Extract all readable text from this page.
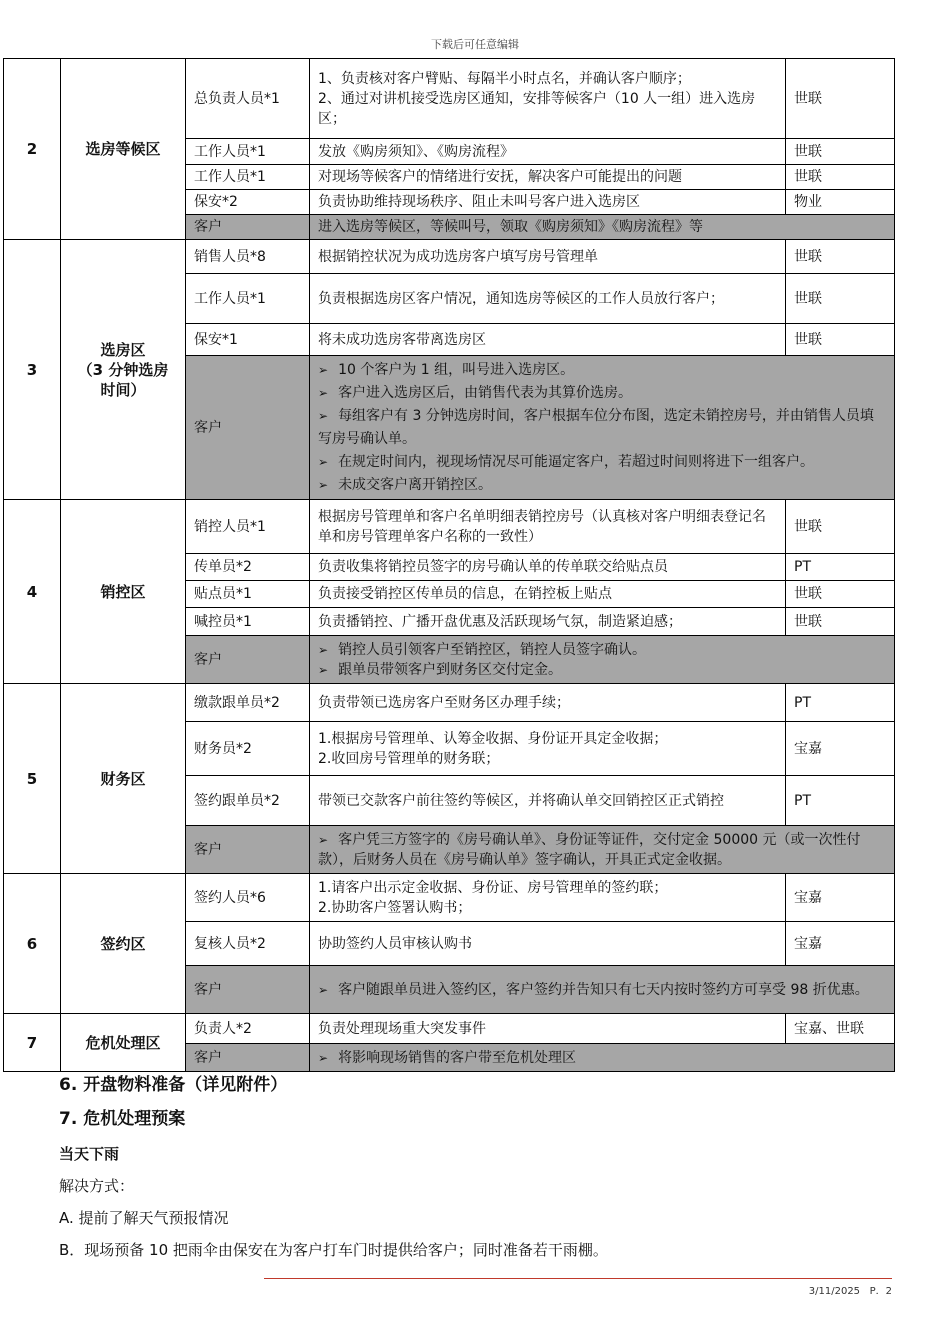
下载后可任意编辑
2	选房等候区	总负责人员*1	1、负责核对客户臂贴、每隔半小时点名，并确认客户顺序；
2、通过对讲机接受选房区通知，安排等候客户（10 人一组）进入选房区；	世联
		工作人员*1	发放《购房须知》、《购房流程》	世联
		工作人员*1	对现场等候客户的情绪进行安抚，解决客户可能提出的问题	世联
		保安*2	负责协助维持现场秩序、阻止未叫号客户进入选房区	物业
		客户	进入选房等候区，等候叫号，领取《购房须知》《购房流程》等	
3	选房区
（3 分钟选房
时间）	销售人员*8	根据销控状况为成功选房客户填写房号管理单	世联
		工作人员*1	负责根据选房区客户情况，通知选房等候区的工作人员放行客户；	世联
		保安*1	将未成功选房客带离选房区	世联
		客户	➢ 10 个客户为 1 组，叫号进入选房区。
➢ 客户进入选房区后，由销售代表为其算价选房。
➢ 每组客户有 3 分钟选房时间，客户根据车位分布图，选定未销控房号，并由销售人员填写房号确认单。
➢ 在规定时间内，视现场情况尽可能逼定客户，若超过时间则将进下一组客户。
➢ 未成交客户离开销控区。

4	销控区	销控人员*1	根据房号管理单和客户名单明细表销控房号（认真核对客户明细表登记名单和房号管理单客户名称的一致性）	世联
		传单员*2	负责收集将销控员签字的房号确认单的传单联交给贴点员	PT
		贴点员*1	负责接受销控区传单员的信息，在销控板上贴点	世联
		喊控员*1	负责播销控、广播开盘优惠及活跃现场气氛，制造紧迫感；	世联
		客户	➢ 销控人员引领客户至销控区，销控人员签字确认。
➢ 跟单员带领客户到财务区交付定金。

5	财务区	缴款跟单员*2	负责带领已选房客户至财务区办理手续；	PT
		财务员*2	1.根据房号管理单、认筹金收据、身份证开具定金收据；
2.收回房号管理单的财务联；	宝嘉
		签约跟单员*2	带领已交款客户前往签约等候区，并将确认单交回销控区正式销控	PT
		客户	➢ 客户凭三方签字的《房号确认单》、身份证等证件，交付定金 50000 元（或一次性付款），后财务人员在《房号确认单》签字确认，开具正式定金收据。

6	签约区	签约人员*6	1.请客户出示定金收据、身份证、房号管理单的签约联；
2.协助客户签署认购书；	宝嘉
		复核人员*2	协助签约人员审核认购书	宝嘉
		客户	➢ 客户随跟单员进入签约区，客户签约并告知只有七天内按时签约方可享受 98 折优惠。

7	危机处理区	负责人*2	负责处理现场重大突发事件	宝嘉、世联
		客户	➢ 将影响现场销售的客户带至危机处理区
6. 开盘物料准备（详见附件）
7. 危机处理预案
当天下雨
解决方式：
A. 提前了解天气预报情况
B．现场预备 10 把雨伞由保安在为客户打车门时提供给客户；同时准备若干雨棚。
3/11/2025 P．2
